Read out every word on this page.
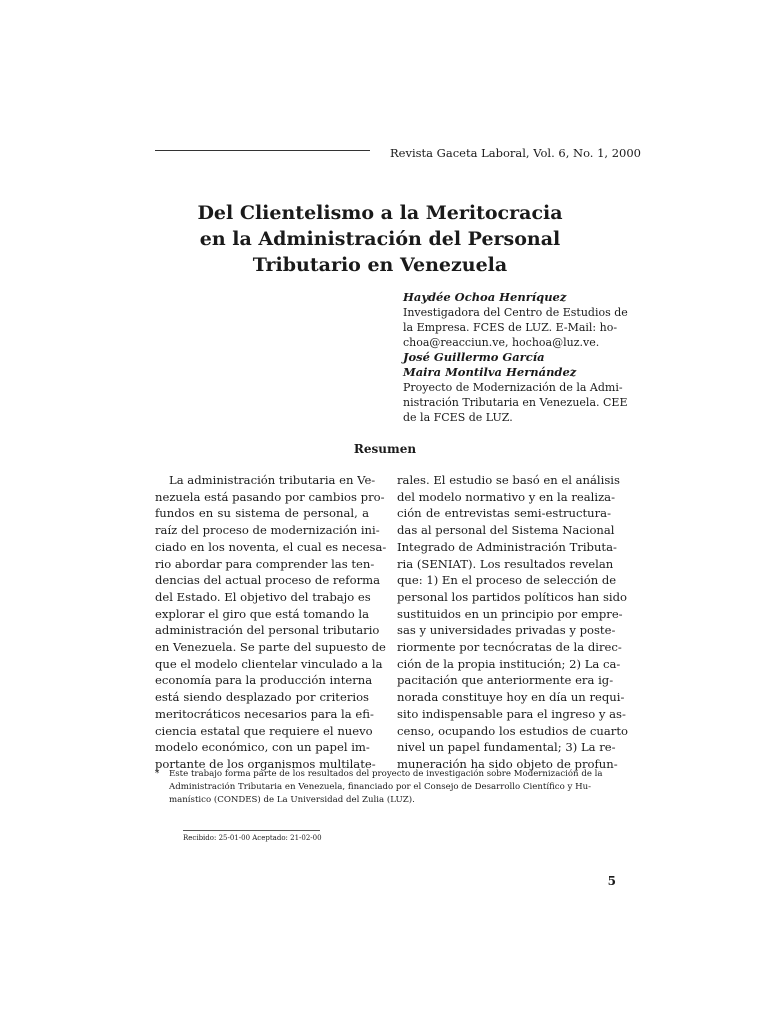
Revista Gaceta Laboral, Vol. 6, No. 1, 2000
Del Clientelismo a la Meritocracia
en la Administración del Personal
Tributario en Venezuela
Haydée Ochoa Henríquez
Investigadora del Centro de Estudios de
la Empresa. FCES de LUZ. E-Mail: ho-
choa@reacciun.ve, hochoa@luz.ve.
José Guillermo García
Maira Montilva Hernández
Proyecto de Modernización de la Admi-
nistración Tributaria en Venezuela. CEE
de la FCES de LUZ.
Resumen
La administración tributaria en Ve-
nezuela está pasando por cambios pro-
fundos en su sistema de personal, a
raíz del proceso de modernización ini-
ciado en los noventa, el cual es necesa-
rio abordar para comprender las ten-
dencias del actual proceso de reforma
del Estado. El objetivo del trabajo es
explorar el giro que está tomando la
administración del personal tributario
en Venezuela. Se parte del supuesto de
que el modelo clientelar vinculado a la
economía para la producción interna
está siendo desplazado por criterios
meritocráticos necesarios para la efi-
ciencia estatal que requiere el nuevo
modelo económico, con un papel im-
portante de los organismos multilate-
rales. El estudio se basó en el análisis
del modelo normativo y en la realiza-
ción de entrevistas semi-estructura-
das al personal del Sistema Nacional
Integrado de Administración Tributa-
ria (SENIAT). Los resultados revelan
que: 1) En el proceso de selección de
personal los partidos políticos han sido
sustituidos en un principio por empre-
sas y universidades privadas y poste-
riormente por tecnócratas de la direc-
ción de la propia institución; 2) La ca-
pacitación que anteriormente era ig-
norada constituye hoy en día un requi-
sito indispensable para el ingreso y as-
censo, ocupando los estudios de cuarto
nivel un papel fundamental; 3) La re-
muneración ha sido objeto de profun-
* Este trabajo forma parte de los resultados del proyecto de investigación sobre Modernización de la
Administración Tributaria en Venezuela, financiado por el Consejo de Desarrollo Científico y Hu-
manístico (CONDES) de La Universidad del Zulia (LUZ).
Recibido: 25-01-00 Aceptado: 21-02-00
5
